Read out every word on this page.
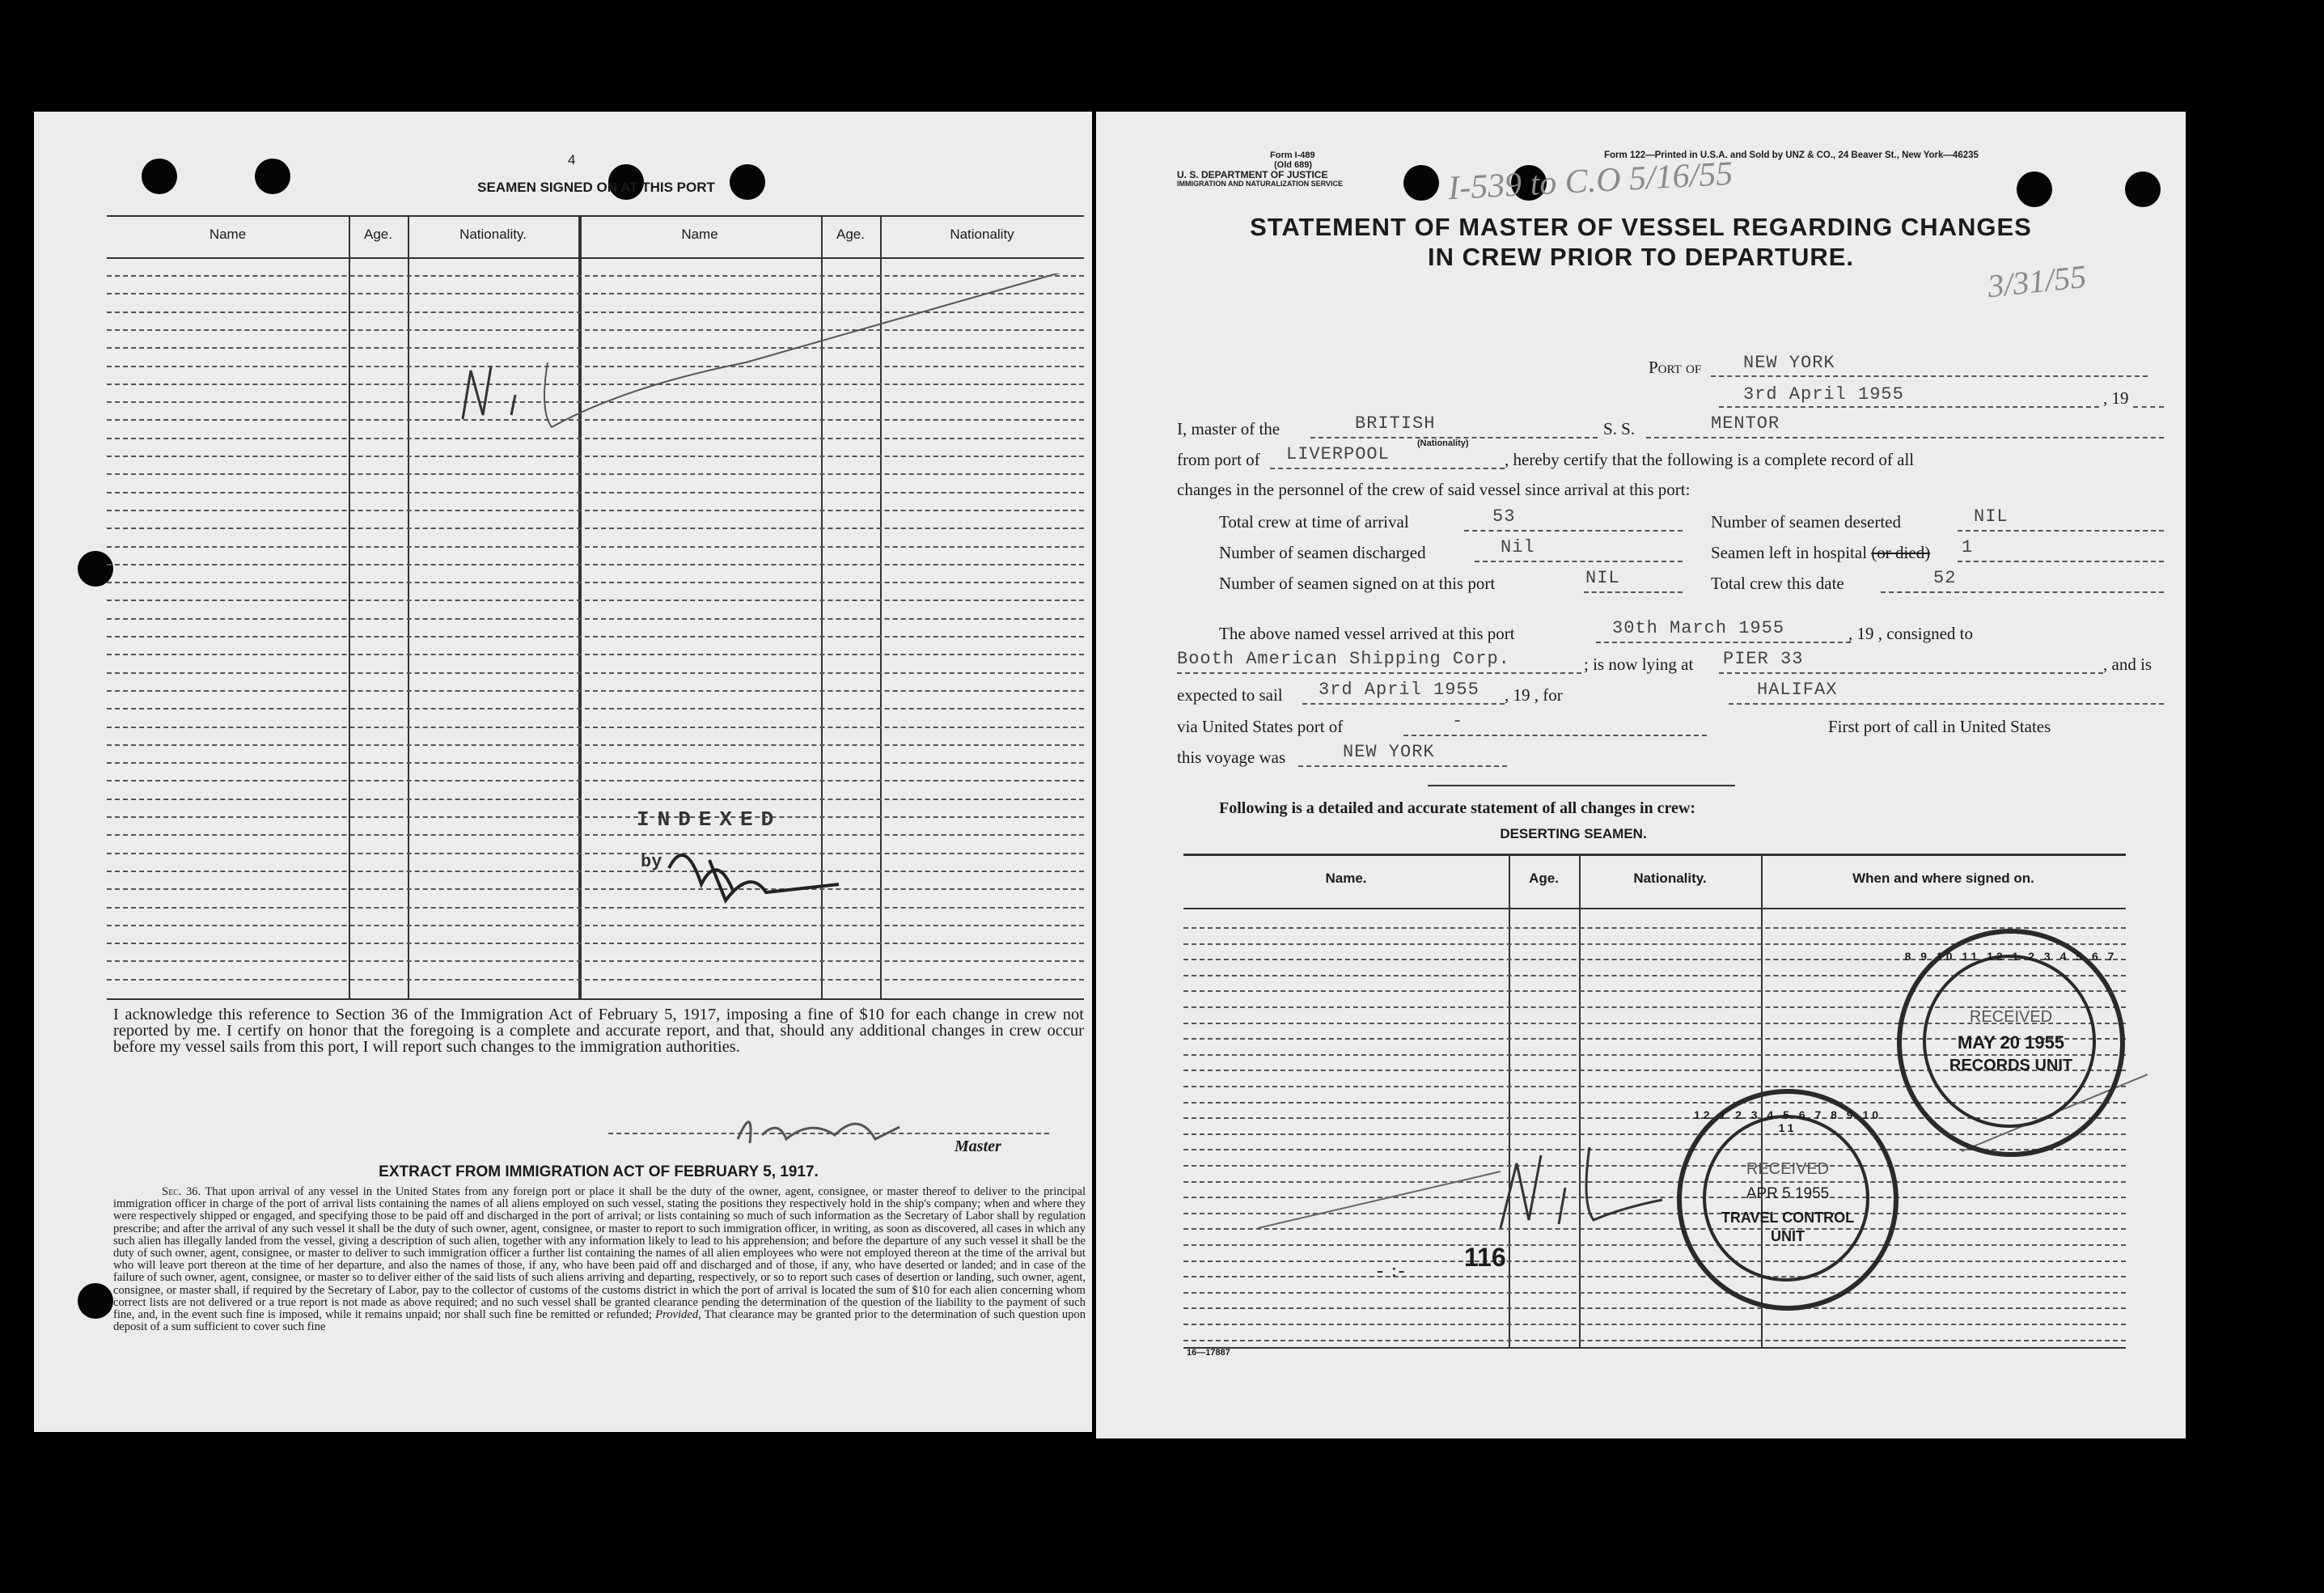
4
SEAMEN SIGNED ON AT THIS PORT
Name	Age.	Nationality.	Name	Age.	Nationality
INDEXED
by
I acknowledge this reference to Section 36 of the Immigration Act of February 5, 1917, imposing a fine of $10 for each change in crew not reported by me. I certify on honor that the foregoing is a complete and accurate report, and that, should any additional changes in crew occur before my vessel sails from this port, I will report such changes to the immigration authorities.
Master
EXTRACT FROM IMMIGRATION ACT OF FEBRUARY 5, 1917.
Sec. 36. That upon arrival of any vessel in the United States from any foreign port or place it shall be the duty of the owner, agent, consignee, or master thereof to deliver to the principal immigration officer in charge of the port of arrival lists containing the names of all aliens employed on such vessel, stating the positions they respectively hold in the ship's company; when and where they were respectively shipped or engaged, and specifying those to be paid off and discharged in the port of arrival; or lists containing so much of such information as the Secretary of Labor shall by regulation prescribe; and after the arrival of any such vessel it shall be the duty of such owner, agent, consignee, or master to report to such immigration officer, in writing, as soon as discovered, all cases in which any such alien has illegally landed from the vessel, giving a description of such alien, together with any information likely to lead to his apprehension; and before the departure of any such vessel it shall be the duty of such owner, agent, consignee, or master to deliver to such immigration officer a further list containing the names of all alien employees who were not employed thereon at the time of the arrival but who will leave port thereon at the time of her departure, and also the names of those, if any, who have been paid off and discharged and of those, if any, who have deserted or landed; and in case of the failure of such owner, agent, consignee, or master so to deliver either of the said lists of such aliens arriving and departing, respectively, or so to report such cases of desertion or landing, such owner, agent, consignee, or master shall, if required by the Secretary of Labor, pay to the collector of customs of the customs district in which the port of arrival is located the sum of $10 for each alien concerning whom correct lists are not delivered or a true report is not made as above required; and no such vessel shall be granted clearance pending the determination of the question of the liability to the payment of such fine, and, in the event such fine is imposed, while it remains unpaid; nor shall such fine be remitted or refunded; Provided, That clearance may be granted prior to the determination of such question upon deposit of a sum sufficient to cover such fine
Form I-489
(Old 689)
U. S. DEPARTMENT OF JUSTICE
IMMIGRATION AND NATURALIZATION SERVICE
Form 122—Printed in U.S.A. and Sold by UNZ & CO., 24 Beaver St., New York—46235
I-539 to C.O 5/16/55
3/31/55
STATEMENT OF MASTER OF VESSEL REGARDING CHANGES
IN CREW PRIOR TO DEPARTURE.
Port of NEW YORK
3rd April 1955	, 19
I, master of the	BRITISH
(Nationality)
S. S.	MENTOR
from port of LIVERPOOL	, hereby certify that the following is a complete record of all
changes in the personnel of the crew of said vessel since arrival at this port:
Total crew at time of arrival	53	Number of seamen deserted	NIL
Number of seamen discharged	Nil	Seamen left in hospital (or died) 1
Number of seamen signed on at this port	NIL	Total crew this date	52
The above named vessel arrived at this port	30th March 1955	, 19 , consigned to
Booth American Shipping Corp.	; is now lying at PIER 33	, and is
expected to sail 3rd April 1955 , 19 , for	HALIFAX
via United States port of	-	First port of call in United States
this voyage was	NEW YORK
Following is a detailed and accurate statement of all changes in crew:
DESERTING SEAMEN.
Name.	Age.	Nationality.	When and where signed on.
8 9 10 11 12 1 2 3 4 5 6 7
RECEIVED
MAY 20 1955
RECORDS UNIT
12 1 2 3 4 5 6 7 8 9 10 11
RECEIVED
APR 5 1955
TRAVEL CONTROL
UNIT
116
- :-
16—17887
